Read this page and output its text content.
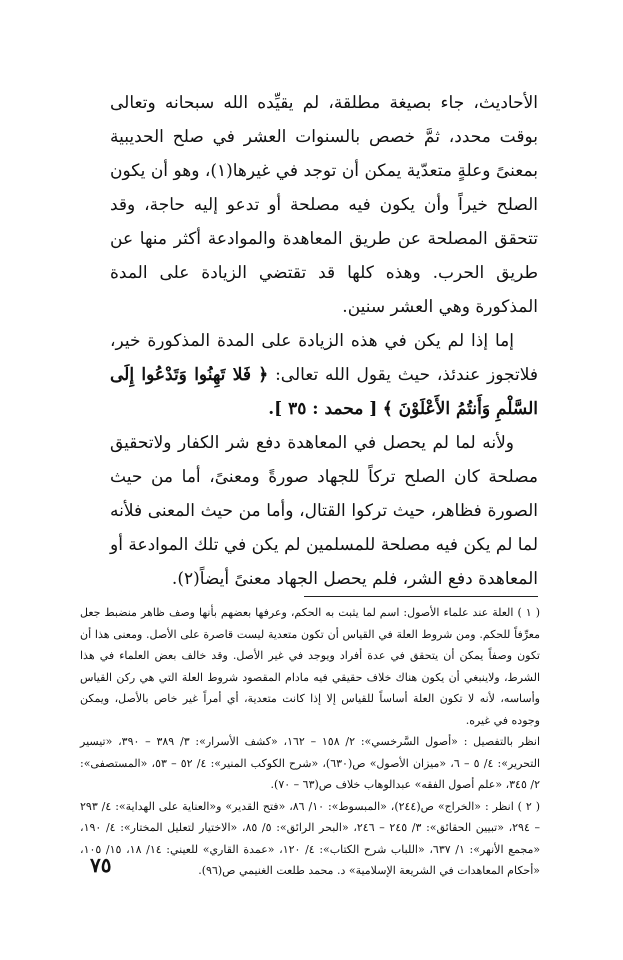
الأحاديث، جاء بصيغة مطلقة، لم يقيِّده الله سبحانه وتعالى بوقت محدد، ثمَّ خصص بالسنوات العشر في صلح الحديبية بمعنىً وعلةٍ متعدّية يمكن أن توجد في غيرها(١)، وهو أن يكون الصلح خيراً وأن يكون فيه مصلحة أو تدعو إليه حاجة، وقد تتحقق المصلحة عن طريق المعاهدة والموادعة أكثر منها عن طريق الحرب. وهذه كلها قد تقتضي الزيادة على المدة المذكورة وهي العشر سنين.

إما إذا لم يكن في هذه الزيادة على المدة المذكورة خير، فلاتجوز عندئذ، حيث يقول الله تعالى: ﴿ فَلا تَهِنُوا وَتَدْعُوا إِلَى السَّلْمِ وَأَنتُمُ الأَعْلَوْنَ ﴾ [ محمد : ٣٥ ].

ولأنه لما لم يحصل في المعاهدة دفع شر الكفار ولاتحقيق مصلحة كان الصلح تركاً للجهاد صورةً ومعنىً، أما من حيث الصورة فظاهر، حيث تركوا القتال، وأما من حيث المعنى فلأنه لما لم يكن فيه مصلحة للمسلمين لم يكن في تلك الموادعة أو المعاهدة دفع الشر، فلم يحصل الجهاد معنىً أيضاً(٢).

( ١ ) العلة عند علماء الأصول: اسم لما يثبت به الحكم، وعرفها بعضهم بأنها وصف ظاهر منضبط جعل معرِّفاً للحكم. ومن شروط العلة في القياس أن تكون متعدية ليست قاصرة على الأصل. ومعنى هذا أن تكون وصفاً يمكن أن يتحقق في عدة أفراد ويوجد في غير الأصل. وقد خالف بعض العلماء في هذا الشرط، ولاينبغي أن يكون هناك خلاف حقيقي فيه مادام المقصود شروط العلة التي هي ركن القياس وأساسه، لأنه لا تكون العلة أساساً للقياس إلا إذا كانت متعدية، أي أمراً غير خاص بالأصل، ويمكن وجوده في غيره.

انظر بالتفصيل : «أصول السَّرخسي»: ٢/ ١٥٨ – ١٦٢، «كشف الأسرار»: ٣/ ٣٨٩ – ٣٩٠، «تيسير التحرير»: ٤/ ٥ – ٦، «ميزان الأصول» ص(٦٣٠)، «شرح الكوكب المنير»: ٤/ ٥٢ – ٥٣، «المستصفى»: ٢/ ٣٤٥، «علم أصول الفقه» عبدالوهاب خلاف ص(٦٣ – ٧٠).

( ٢ ) انظر : «الخراج» ص(٢٤٤)، «المبسوط»: ١٠/ ٨٦، «فتح القدير» و«العناية على الهداية»: ٤/ ٢٩٣ – ٢٩٤، «تبيين الحقائق»: ٣/ ٢٤٥ – ٢٤٦، «البحر الرائق»: ٥/ ٨٥، «الاختيار لتعليل المختار»: ٤/ ١٩٠، «مجمع الأنهر»: ١/ ٦٣٧، «اللباب شرح الكتاب»: ٤/ ١٢٠، «عمدة القاري» للعيني: ١٤/ ١٨، ١٥/ ١٠٥، «أحكام المعاهدات في الشريعة الإسلامية» د. محمد طلعت الغنيمي ص(٩٦).

٧٥
